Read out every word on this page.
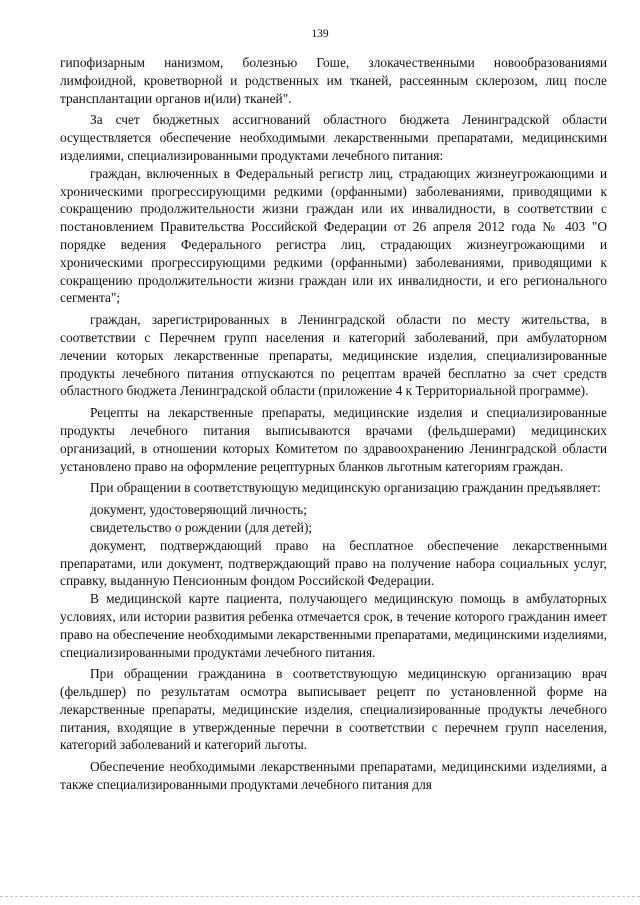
139

гипофизарным нанизмом, болезнью Гоше, злокачественными новообразованиями лимфоидной, кроветворной и родственных им тканей, рассеянным склерозом, лиц после трансплантации органов и(или) тканей".

За счет бюджетных ассигнований областного бюджета Ленинградской области осуществляется обеспечение необходимыми лекарственными препаратами, медицинскими изделиями, специализированными продуктами лечебного питания:

граждан, включенных в Федеральный регистр лиц, страдающих жизнеугрожающими и хроническими прогрессирующими редкими (орфанными) заболеваниями, приводящими к сокращению продолжительности жизни граждан или их инвалидности, в соответствии с постановлением Правительства Российской Федерации от 26 апреля 2012 года № 403 "О порядке ведения Федерального регистра лиц, страдающих жизнеугрожающими и хроническими прогрессирующими редкими (орфанными) заболеваниями, приводящими к сокращению продолжительности жизни граждан или их инвалидности, и его регионального сегмента";

граждан, зарегистрированных в Ленинградской области по месту жительства, в соответствии с Перечнем групп населения и категорий заболеваний, при амбулаторном лечении которых лекарственные препараты, медицинские изделия, специализированные продукты лечебного питания отпускаются по рецептам врачей бесплатно за счет средств областного бюджета Ленинградской области (приложение 4 к Территориальной программе).

Рецепты на лекарственные препараты, медицинские изделия и специализированные продукты лечебного питания выписываются врачами (фельдшерами) медицинских организаций, в отношении которых Комитетом по здравоохранению Ленинградской области установлено право на оформление рецептурных бланков льготным категориям граждан.

При обращении в соответствующую медицинскую организацию гражданин предъявляет:

документ, удостоверяющий личность;

свидетельство о рождении (для детей);

документ, подтверждающий право на бесплатное обеспечение лекарственными препаратами, или документ, подтверждающий право на получение набора социальных услуг, справку, выданную Пенсионным фондом Российской Федерации.

В медицинской карте пациента, получающего медицинскую помощь в амбулаторных условиях, или истории развития ребенка отмечается срок, в течение которого гражданин имеет право на обеспечение необходимыми лекарственными препаратами, медицинскими изделиями, специализированными продуктами лечебного питания.

При обращении гражданина в соответствующую медицинскую организацию врач (фельдшер) по результатам осмотра выписывает рецепт по установленной форме на лекарственные препараты, медицинские изделия, специализированные продукты лечебного питания, входящие в утвержденные перечни в соответствии с перечнем групп населения, категорий заболеваний и категорий льготы.

Обеспечение необходимыми лекарственными препаратами, медицинскими изделиями, а также специализированными продуктами лечебного питания для
